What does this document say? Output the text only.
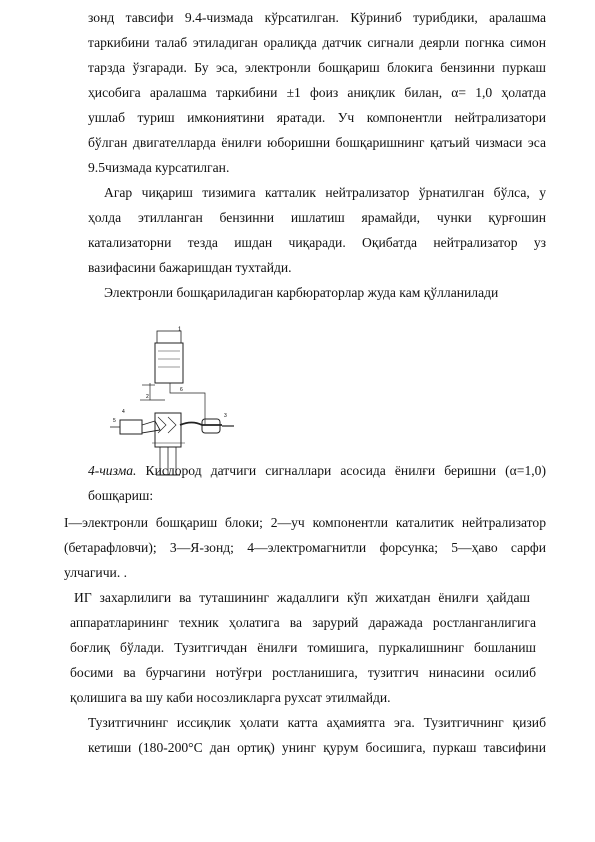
зонд тавсифи 9.4-чизмада кўрсатилган. Кўриниб турибдики, аралашма
таркибини талаб этиладиган оралиқда датчик сигнали деярли погнка симон
тарзда ўзгаради. Бу эса, электронли бошқариш блокига бензинни пуркаш
ҳисобига аралашма таркибини ±1 фоиз аниқлик билан, α= 1,0 ҳолатда
ушлаб туриш имкониятини яратади. Уч компонентли нейтрализатори
бўлган двигателларда ёнилғи юборишни бошқаришнинг қатъий чизмаси эса
9.5чизмада курсатилган.
Агар чиқариш тизимига катталик нейтрализатор ўрнатилган бўлса, у
ҳолда этилланган бензинни ишлатиш ярамайди, чунки қурғошин
катализаторни тезда ишдан чиқаради. Оқибатда нейтрализатор уз
вазифасини бажаришдан тухтайди.
Электронли бошқариладиган карбюраторлар жуда кам қўлланилади
1
2
6
5
4
3
4-чизма. Кислород датчиги сигналлари асосида ёнилғи беришни (α=1,0)
бошқариш:
I—электронли бошқариш блоки; 2—уч компонентли каталитик нейтрализатор
(бетарафловчи); 3—Я-зонд; 4—электромагнитли форсунка; 5—ҳаво сарфи
улчагичи. .
ИГ захарлилиги ва туташининг жадаллиги кўп жихатдан ёнилғи ҳайдаш
аппаратларининг техник ҳолатига ва зарурий даражада ростланганлигига
боғлиқ бўлади. Тузитгичдан ёнилғи томишига, пуркалишнинг бошланиш
босими ва бурчагини нотўғри ростланишига, тузитгич нинасини осилиб
қолишига ва шу каби носозликларга рухсат этилмайди.
Тузитгичнинг иссиқлик ҳолати катта аҳамиятга эга. Тузитгичнинг қизиб
кетиши (180-200°C дан ортиқ) унинг қурум босишига, пуркаш тавсифини
